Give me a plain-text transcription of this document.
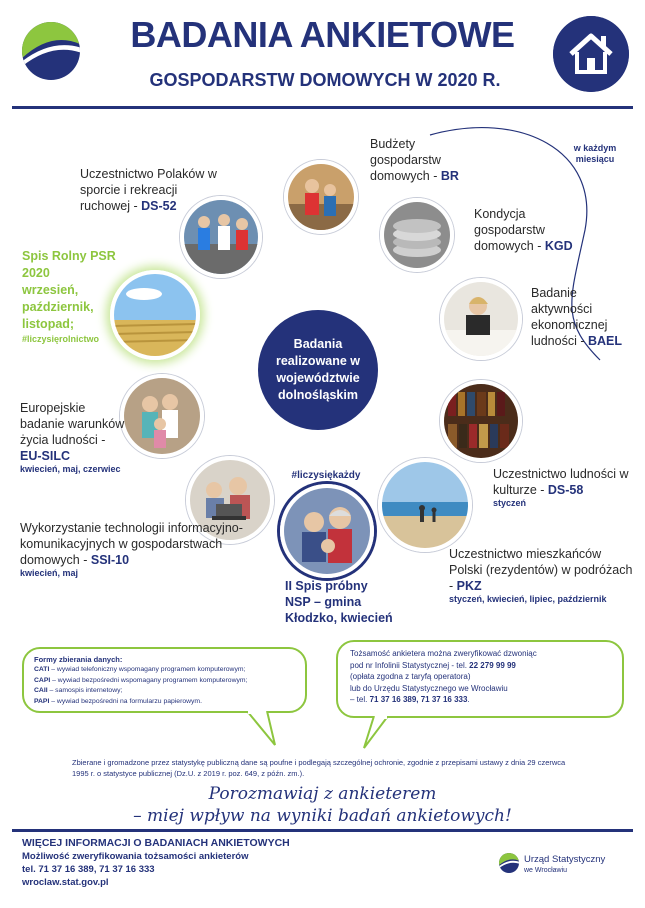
BADANIA ANKIETOWE
GOSPODARSTW DOMOWYCH W 2020 R.
Badania realizowane w województwie dolnośląskim
Budżety gospodarstw domowych - BR
w każdym miesiącu
Kondycja gospodarstw domowych - KGD
Badanie aktywności ekonomicznej ludności - BAEL
Uczestnictwo ludności w kulturze - DS-58
styczeń
Uczestnictwo mieszkańców Polski (rezydentów) w podróżach - PKZ
styczeń, kwiecień, lipiec, październik
#liczysiękażdy
II Spis próbny NSP – gmina Kłodzko, kwiecień
Wykorzystanie technologii informacyjno-komunikacyjnych w gospodarstwach domowych - SSI-10
kwiecień, maj
Europejskie badanie warunków życia ludności - EU-SILC
kwiecień, maj, czerwiec
Spis Rolny PSR 2020
wrzesień,
październik,
listopad;
#liczysięrolnictwo
Uczestnictwo Polaków w sporcie i rekreacji ruchowej - DS-52
Formy zbierania danych:
CATI – wywiad telefoniczny wspomagany programem komputerowym;
CAPI – wywiad bezpośredni wspomagany programem komputerowym;
CAII – samospis internetowy;
PAPI – wywiad bezpośredni na formularzu papierowym.
Tożsamość ankietera można zweryfikować dzwoniąc
pod nr Infolinii Statystycznej - tel. 22 279 99 99
(opłata zgodna z taryfą operatora)
lub do Urzędu Statystycznego we Wrocławiu
– tel. 71 37 16 389, 71 37 16 333.
Zbierane i gromadzone przez statystykę publiczną dane są poufne i podlegają szczególnej ochronie, zgodnie z przepisami ustawy z dnia 29 czerwca 1995 r. o statystyce publicznej (Dz.U. z 2019 r. poz. 649, z późn. zm.).
Porozmawiaj z ankieterem
– miej wpływ na wyniki badań ankietowych!
WIĘCEJ INFORMACJI O BADANIACH ANKIETOWYCH
Możliwość zweryfikowania tożsamości ankieterów
tel. 71 37 16 389, 71 37 16 333
wroclaw.stat.gov.pl
Urząd Statystyczny
we Wrocławiu
